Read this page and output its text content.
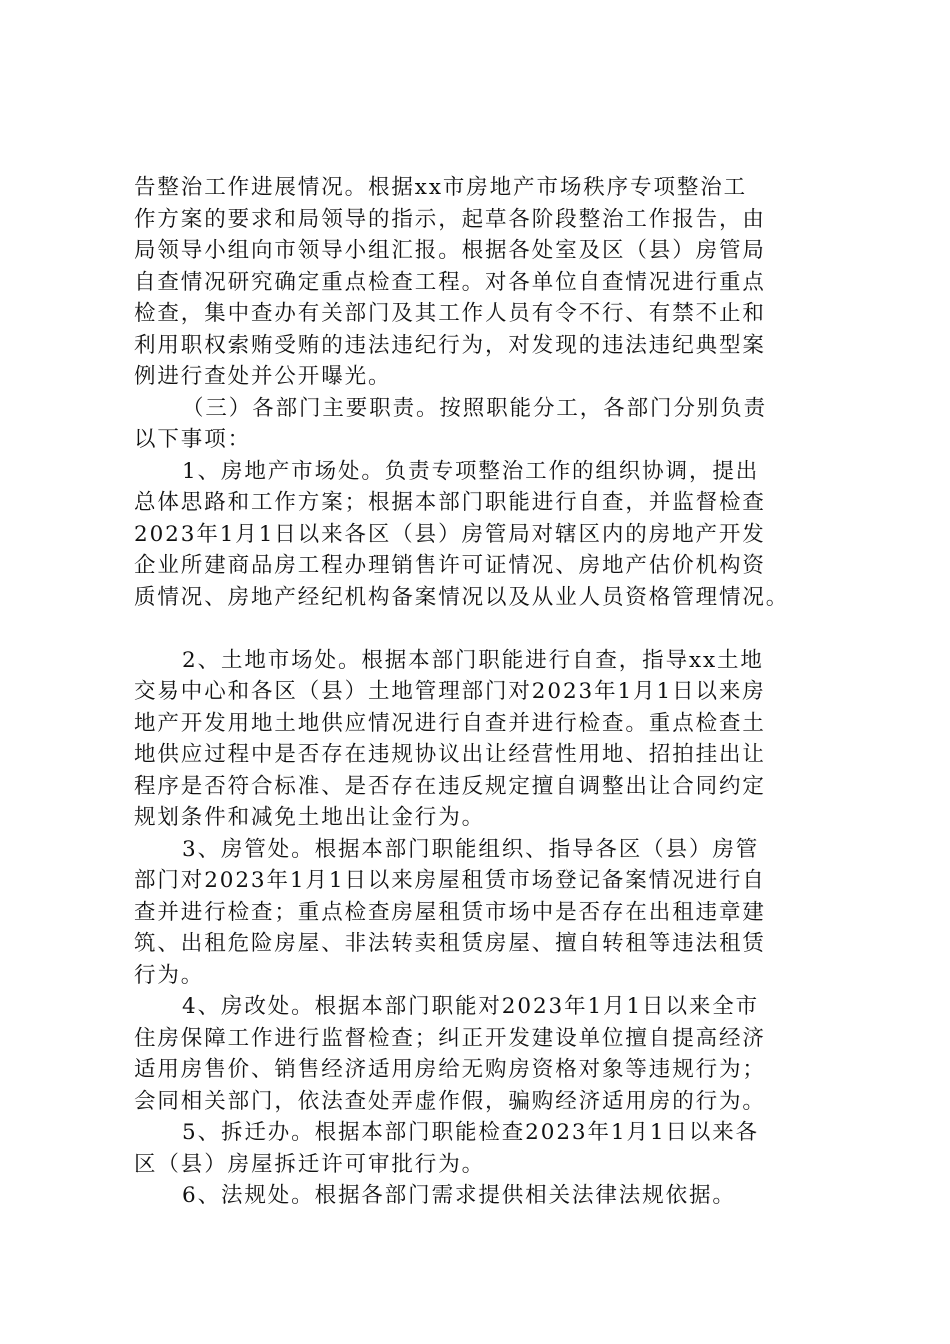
告整治工作进展情况。根据xx市房地产市场秩序专项整治工
作方案的要求和局领导的指示，起草各阶段整治工作报告，由
局领导小组向市领导小组汇报。根据各处室及区（县）房管局
自查情况研究确定重点检查工程。对各单位自查情况进行重点
检查，集中查办有关部门及其工作人员有令不行、有禁不止和
利用职权索贿受贿的违法违纪行为，对发现的违法违纪典型案
例进行查处并公开曝光。
（三）各部门主要职责。按照职能分工，各部门分别负责
以下事项：
1、房地产市场处。负责专项整治工作的组织协调，提出
总体思路和工作方案；根据本部门职能进行自查，并监督检查
2023年1月1日以来各区（县）房管局对辖区内的房地产开发
企业所建商品房工程办理销售许可证情况、房地产估价机构资
质情况、房地产经纪机构备案情况以及从业人员资格管理情况。
2、土地市场处。根据本部门职能进行自查，指导xx土地
交易中心和各区（县）土地管理部门对2023年1月1日以来房
地产开发用地土地供应情况进行自查并进行检查。重点检查土
地供应过程中是否存在违规协议出让经营性用地、招拍挂出让
程序是否符合标准、是否存在违反规定擅自调整出让合同约定
规划条件和减免土地出让金行为。
3、房管处。根据本部门职能组织、指导各区（县）房管
部门对2023年1月1日以来房屋租赁市场登记备案情况进行自
查并进行检查；重点检查房屋租赁市场中是否存在出租违章建
筑、出租危险房屋、非法转卖租赁房屋、擅自转租等违法租赁
行为。
4、房改处。根据本部门职能对2023年1月1日以来全市
住房保障工作进行监督检查；纠正开发建设单位擅自提高经济
适用房售价、销售经济适用房给无购房资格对象等违规行为；
会同相关部门，依法查处弄虚作假，骗购经济适用房的行为。
5、拆迁办。根据本部门职能检查2023年1月1日以来各
区（县）房屋拆迁许可审批行为。
6、法规处。根据各部门需求提供相关法律法规依据。
